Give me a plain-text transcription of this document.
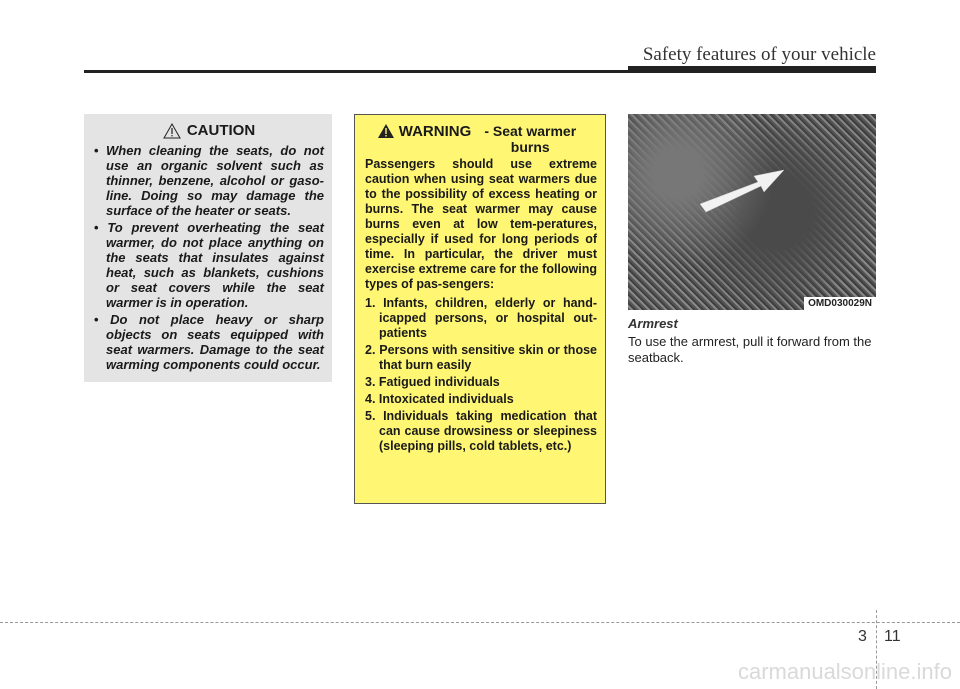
Safety features of your vehicle
CAUTION
• When cleaning the seats, do not use an organic solvent such as thinner, benzene, alcohol or gaso-line. Doing so may damage the surface of the heater or seats.
• To prevent overheating the seat warmer, do not place anything on the seats that insulates against heat, such as blankets, cushions or seat covers while the seat warmer is in operation.
• Do not place heavy or sharp objects on seats equipped with seat warmers. Damage to the seat warming components could occur.
WARNING - Seat warmer burns

Passengers should use extreme caution when using seat warmers due to the possibility of excess heating or burns. The seat warmer may cause burns even at low tem-peratures, especially if used for long periods of time. In particular, the driver must exercise extreme care for the following types of pas-sengers:

1. Infants, children, elderly or hand-icapped persons, or hospital out-patients
2. Persons with sensitive skin or those that burn easily
3. Fatigued individuals
4. Intoxicated individuals
5. Individuals taking medication that can cause drowsiness or sleepiness (sleeping pills, cold tablets, etc.)
OMD030029N
Armrest
To use the armrest, pull it forward from the seatback.
3 11
carmanualsonline.info
